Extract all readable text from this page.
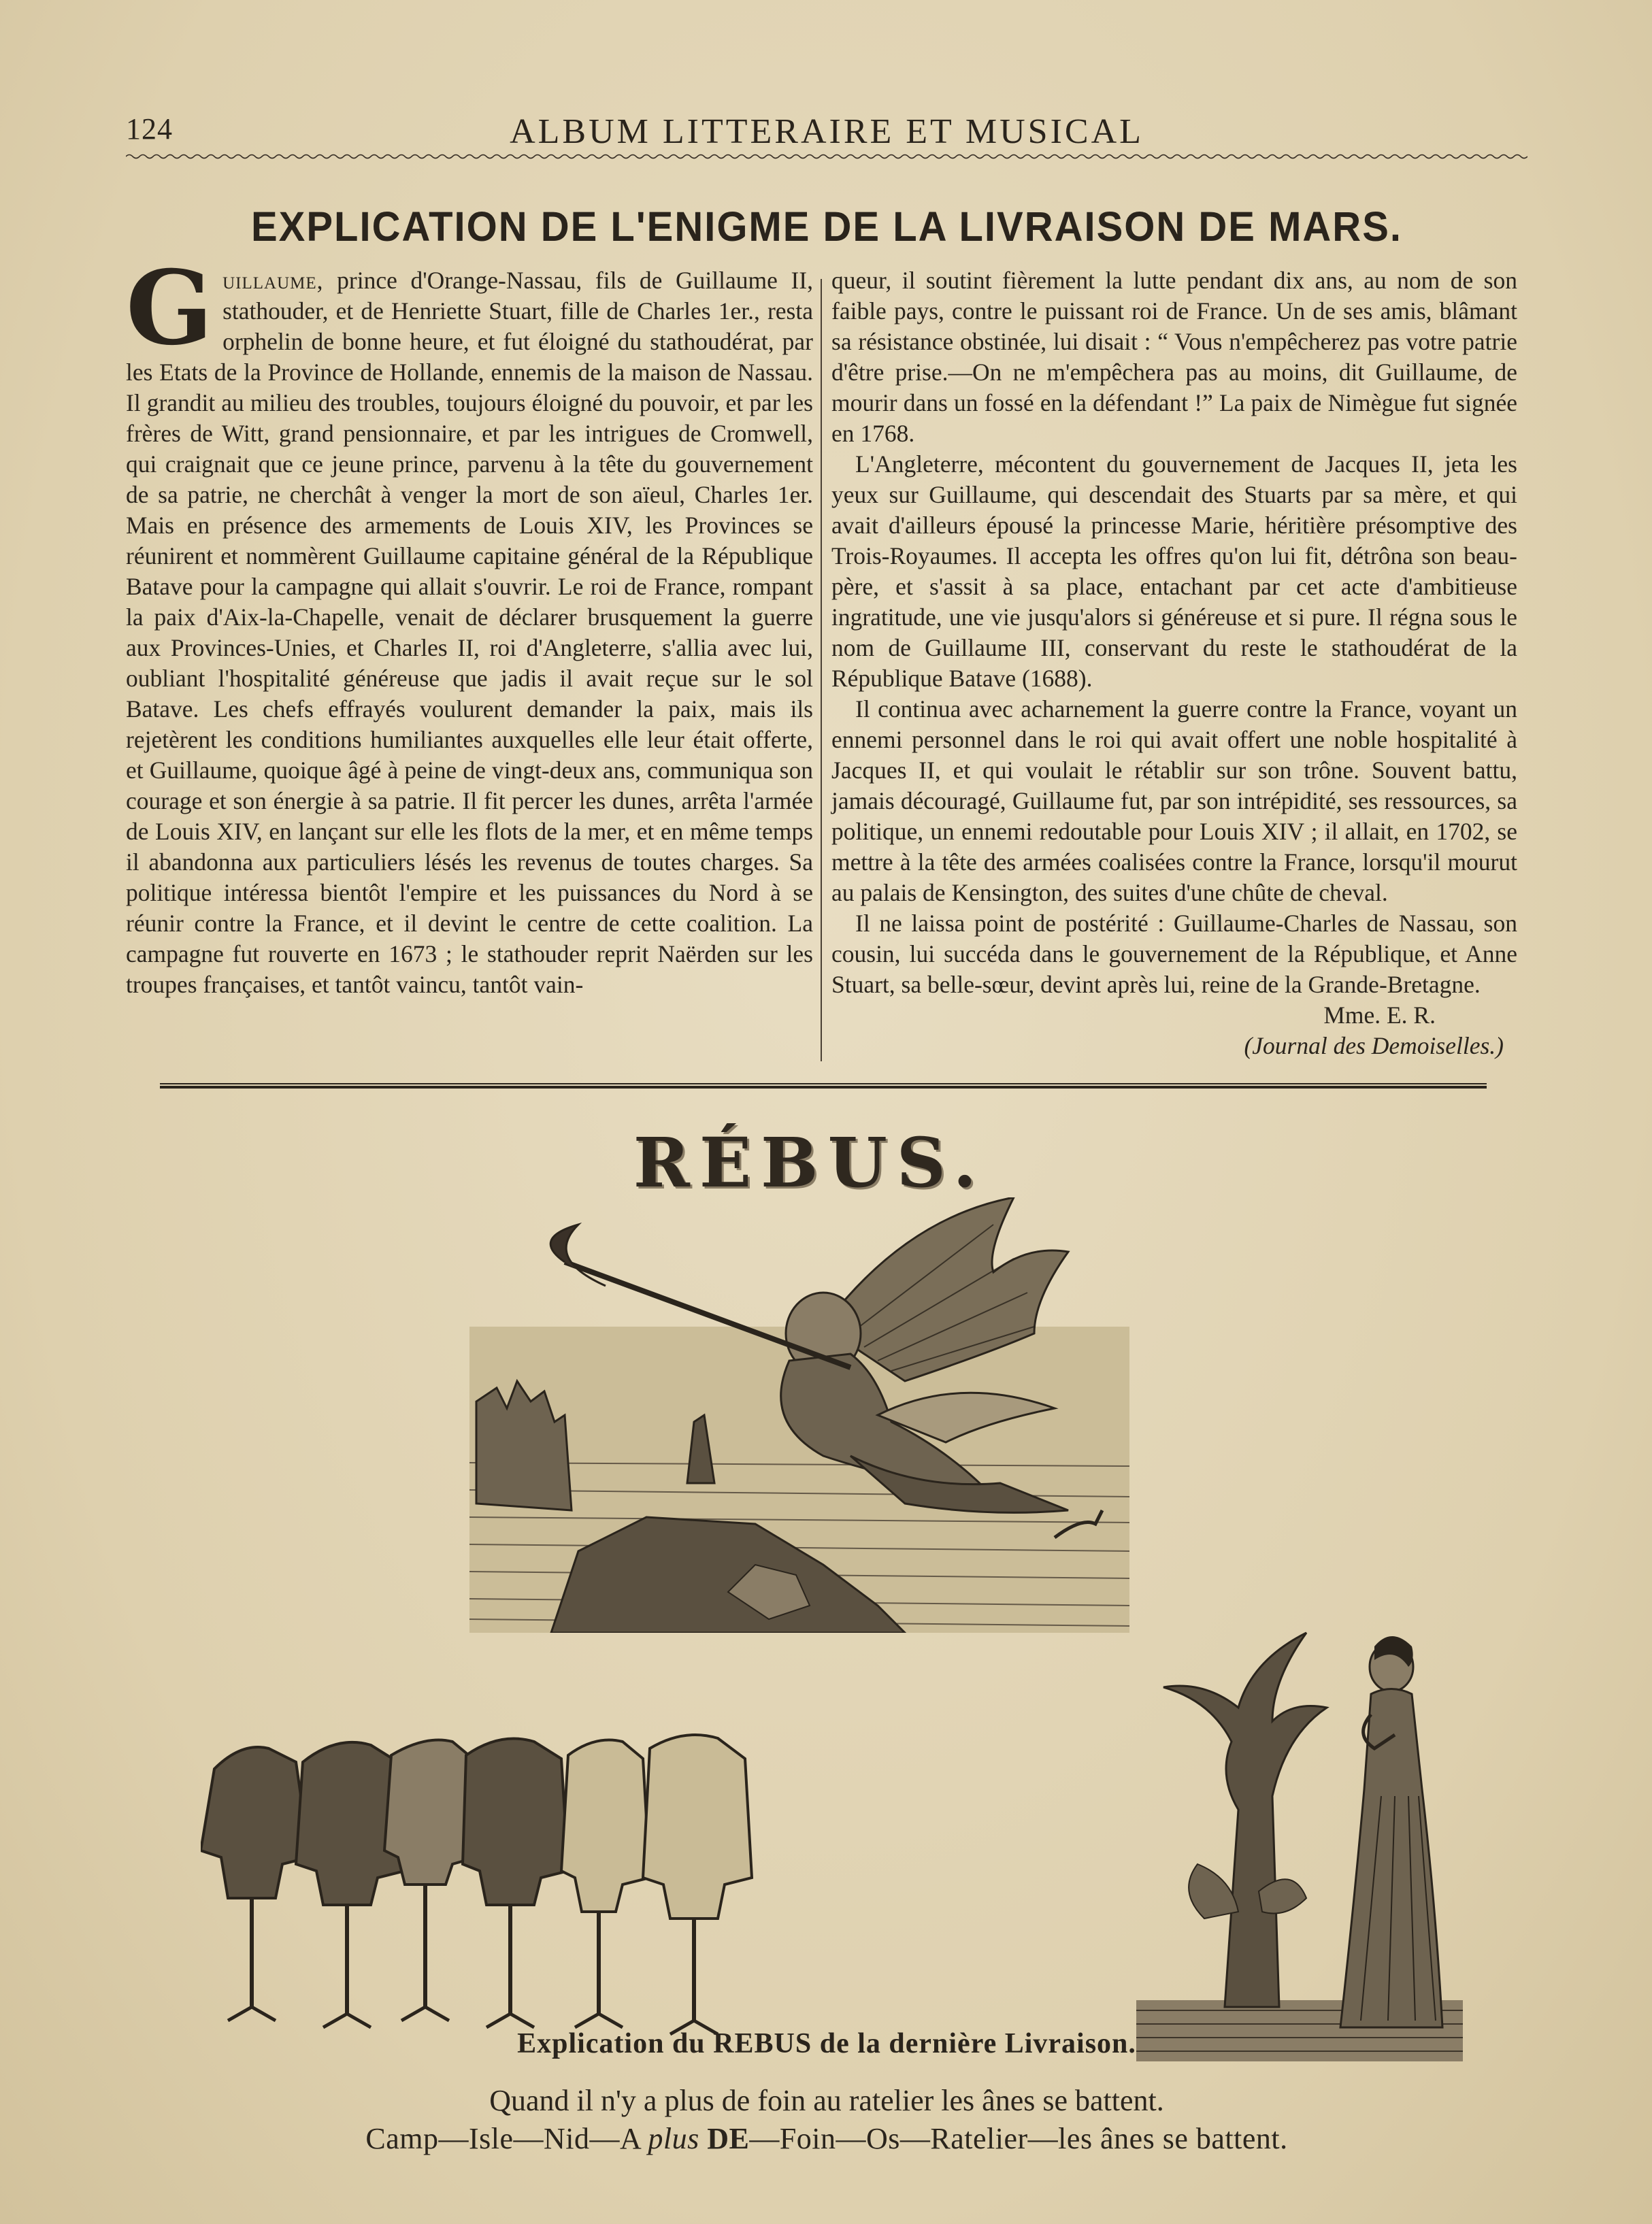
124	ALBUM LITTERAIRE ET MUSICAL
EXPLICATION DE L'ENIGME DE LA LIVRAISON DE MARS.

Guillaume, prince d'Orange-Nassau, fils de Guillaume II, stathouder, et de Henriette Stuart, fille de Charles 1er., resta orphelin de bonne heure, et fut éloigné du stathoudérat, par les Etats de la Province de Hollande, ennemis de la maison de Nassau. Il grandit au milieu des troubles, toujours éloigné du pouvoir, et par les frères de Witt, grand pensionnaire, et par les intrigues de Cromwell, qui craignait que ce jeune prince, parvenu à la tête du gouvernement de sa patrie, ne cherchât à venger la mort de son aïeul, Charles 1er. Mais en présence des armements de Louis XIV, les Provinces se réunirent et nommèrent Guillaume capitaine général de la République Batave pour la campagne qui allait s'ouvrir. Le roi de France, rompant la paix d'Aix-la-Chapelle, venait de déclarer brusquement la guerre aux Provinces-Unies, et Charles II, roi d'Angleterre, s'allia avec lui, oubliant l'hospitalité généreuse que jadis il avait reçue sur le sol Batave. Les chefs effrayés voulurent demander la paix, mais ils rejetèrent les conditions humiliantes auxquelles elle leur était offerte, et Guillaume, quoique âgé à peine de vingt-deux ans, communiqua son courage et son énergie à sa patrie. Il fit percer les dunes, arrêta l'armée de Louis XIV, en lançant sur elle les flots de la mer, et en même temps il abandonna aux particuliers lésés les revenus de toutes charges. Sa politique intéressa bientôt l'empire et les puissances du Nord à se réunir contre la France, et il devint le centre de cette coalition. La campagne fut rouverte en 1673 ; le stathouder reprit Naërden sur les troupes françaises, et tantôt vaincu, tantôt vain-

queur, il soutint fièrement la lutte pendant dix ans, au nom de son faible pays, contre le puissant roi de France. Un de ses amis, blâmant sa résistance obstinée, lui disait : “ Vous n'empêcherez pas votre patrie d'être prise.—On ne m'empêchera pas au moins, dit Guillaume, de mourir dans un fossé en la défendant !” La paix de Nimègue fut signée en 1768.

L'Angleterre, mécontent du gouvernement de Jacques II, jeta les yeux sur Guillaume, qui descendait des Stuarts par sa mère, et qui avait d'ailleurs épousé la princesse Marie, héritière présomptive des Trois-Royaumes. Il accepta les offres qu'on lui fit, détrôna son beau-père, et s'assit à sa place, entachant par cet acte d'ambitieuse ingratitude, une vie jusqu'alors si généreuse et si pure. Il régna sous le nom de Guillaume III, conservant du reste le stathoudérat de la République Batave (1688).

Il continua avec acharnement la guerre contre la France, voyant un ennemi personnel dans le roi qui avait offert une noble hospitalité à Jacques II, et qui voulait le rétablir sur son trône. Souvent battu, jamais découragé, Guillaume fut, par son intrépidité, ses ressources, sa politique, un ennemi redoutable pour Louis XIV ; il allait, en 1702, se mettre à la tête des armées coalisées contre la France, lorsqu'il mourut au palais de Kensington, des suites d'une chûte de cheval.

Il ne laissa point de postérité : Guillaume-Charles de Nassau, son cousin, lui succéda dans le gouvernement de la République, et Anne Stuart, sa belle-sœur, devint après lui, reine de la Grande-Bretagne.

Mme. E. R.

(Journal des Demoiselles.)

RÉBUS.
Explication du REBUS de la dernière Livraison.
Quand il n'y a plus de foin au ratelier les ânes se battent.
Camp—Isle—Nid—A plus DE—Foin—Os—Ratelier—les ânes se battent.
